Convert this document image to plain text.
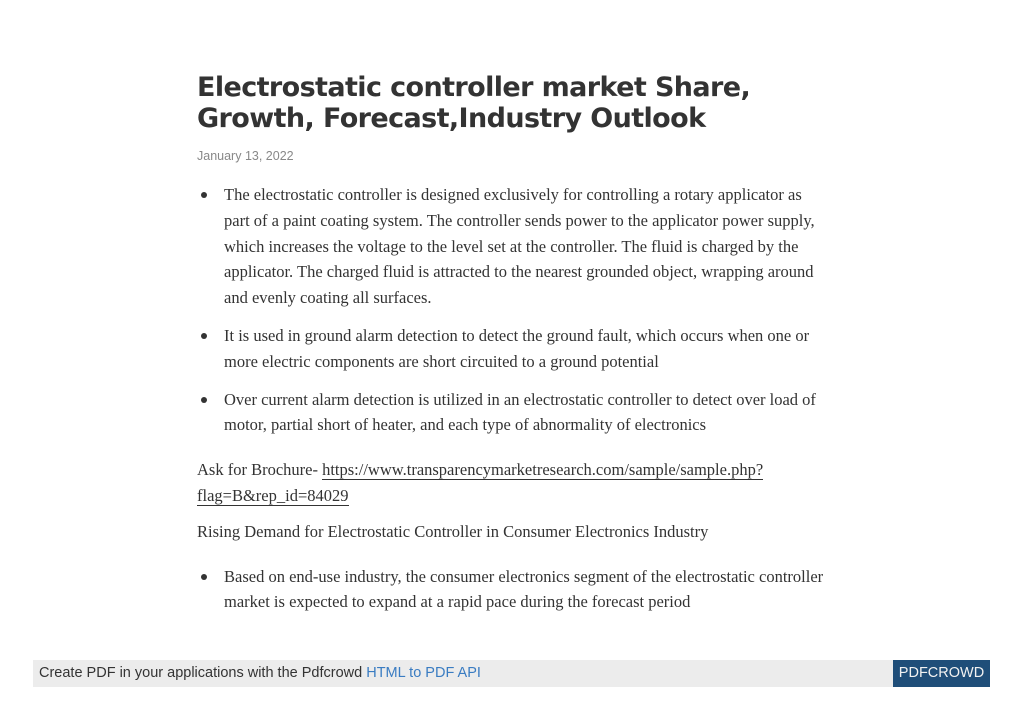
Electrostatic controller market Share, Growth, Forecast,Industry Outlook
January 13, 2022
The electrostatic controller is designed exclusively for controlling a rotary applicator as part of a paint coating system. The controller sends power to the applicator power supply, which increases the voltage to the level set at the controller. The fluid is charged by the applicator. The charged fluid is attracted to the nearest grounded object, wrapping around and evenly coating all surfaces.
It is used in ground alarm detection to detect the ground fault, which occurs when one or more electric components are short circuited to a ground potential
Over current alarm detection is utilized in an electrostatic controller to detect over load of motor, partial short of heater, and each type of abnormality of electronics

Ask for Brochure- https://www.transparencymarketresearch.com/sample/sample.php?
flag=B&rep_id=84029

Rising Demand for Electrostatic Controller in Consumer Electronics Industry

Based on end-use industry, the consumer electronics segment of the electrostatic controller market is expected to expand at a rapid pace during the forecast period
Create PDF in your applications with the Pdfcrowd HTML to PDF API	PDFCROWD
